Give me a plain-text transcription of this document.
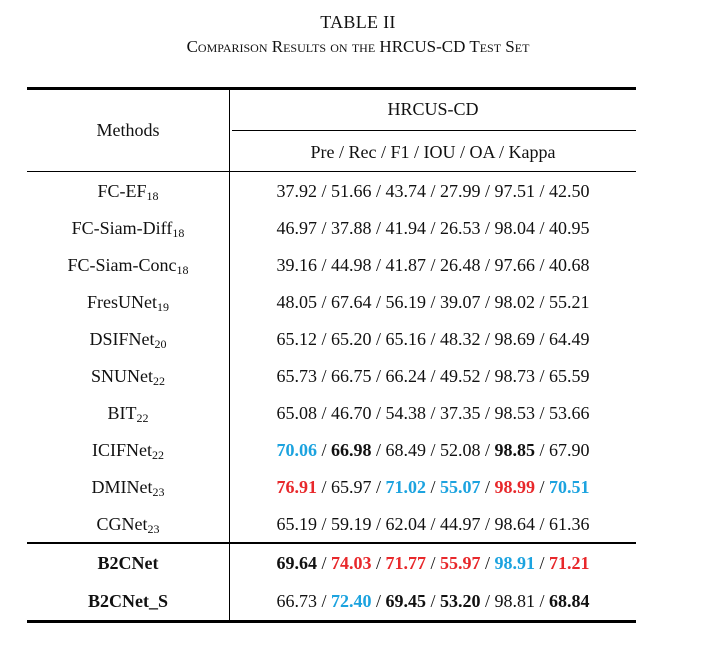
TABLE II
Comparison Results on the HRCUS-CD Test Set
Methods
HRCUS-CD
Pre / Rec / F1 / IOU / OA / Kappa
$FC-EF_{18}$	37.92 / 51.66 / 43.74 / 27.99 / 97.51 / 42.50
FC-Siam-Diff$_{18}$	46.97 / 37.88 / 41.94 / 26.53 / 98.04 / 40.95
FC-Siam-Conc$_{18}$	39.16 / 44.98 / 41.87 / 26.48 / 97.66 / 40.68
FresUNet$_{19}$	48.05 / 67.64 / 56.19 / 39.07 / 98.02 / 55.21
DSIFNet$_{20}$	65.12 / 65.20 / 65.16 / 48.32 / 98.69 / 64.49
SNUNet$_{22}$	65.73 / 66.75 / 66.24 / 49.52 / 98.73 / 65.59
$BIT_{22}$	65.08 / 46.70 / 54.38 / 37.35 / 98.53 / 53.66
ICIFNet$_{22}$	70.06 / 66.98 / 68.49 / 52.08 / 98.85 / 67.90
DMINet$_{23}$	76.91 / 65.97 / 71.02 / 55.07 / 98.99 / 70.51
CGNet$_{23}$	65.19 / 59.19 / 62.04 / 44.97 / 98.64 / 61.36
B2CNet	69.64 / 74.03 / 71.77 / 55.97 / 98.91 / 71.21
B2CNet_S	66.73 / 72.40 / 69.45 / 53.20 / 98.81 / 68.84
